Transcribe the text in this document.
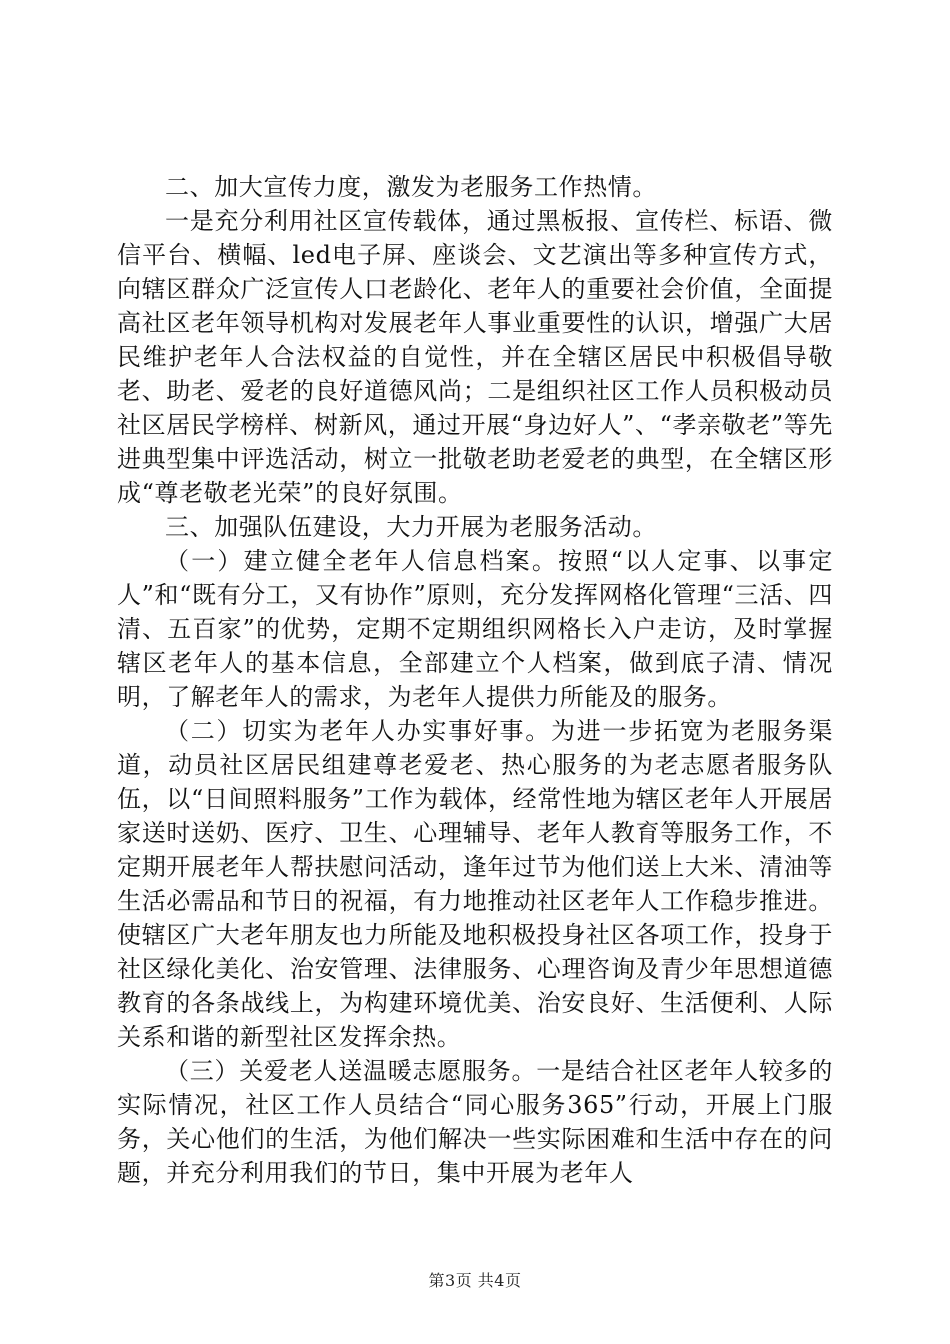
二、加大宣传力度，激发为老服务工作热情。

一是充分利用社区宣传载体，通过黑板报、宣传栏、标语、微信平台、横幅、led电子屏、座谈会、文艺演出等多种宣传方式，向辖区群众广泛宣传人口老龄化、老年人的重要社会价值，全面提高社区老年领导机构对发展老年人事业重要性的认识，增强广大居民维护老年人合法权益的自觉性，并在全辖区居民中积极倡导敬老、助老、爱老的良好道德风尚；二是组织社区工作人员积极动员社区居民学榜样、树新风，通过开展“身边好人”、“孝亲敬老”等先进典型集中评选活动，树立一批敬老助老爱老的典型，在全辖区形成“尊老敬老光荣”的良好氛围。

三、加强队伍建设，大力开展为老服务活动。

（一）建立健全老年人信息档案。按照“以人定事、以事定人”和“既有分工，又有协作”原则，充分发挥网格化管理“三活、四清、五百家”的优势，定期不定期组织网格长入户走访，及时掌握辖区老年人的基本信息，全部建立个人档案，做到底子清、情况明，了解老年人的需求，为老年人提供力所能及的服务。

（二）切实为老年人办实事好事。为进一步拓宽为老服务渠道，动员社区居民组建尊老爱老、热心服务的为老志愿者服务队伍，以“日间照料服务”工作为载体，经常性地为辖区老年人开展居家送时送奶、医疗、卫生、心理辅导、老年人教育等服务工作，不定期开展老年人帮扶慰问活动，逢年过节为他们送上大米、清油等生活必需品和节日的祝福，有力地推动社区老年人工作稳步推进。使辖区广大老年朋友也力所能及地积极投身社区各项工作，投身于社区绿化美化、治安管理、法律服务、心理咨询及青少年思想道德教育的各条战线上，为构建环境优美、治安良好、生活便利、人际关系和谐的新型社区发挥余热。

（三）关爱老人送温暖志愿服务。一是结合社区老年人较多的实际情况，社区工作人员结合“同心服务365”行动，开展上门服务，关心他们的生活，为他们解决一些实际困难和生活中存在的问题，并充分利用我们的节日，集中开展为老年人

第3页 共4页
